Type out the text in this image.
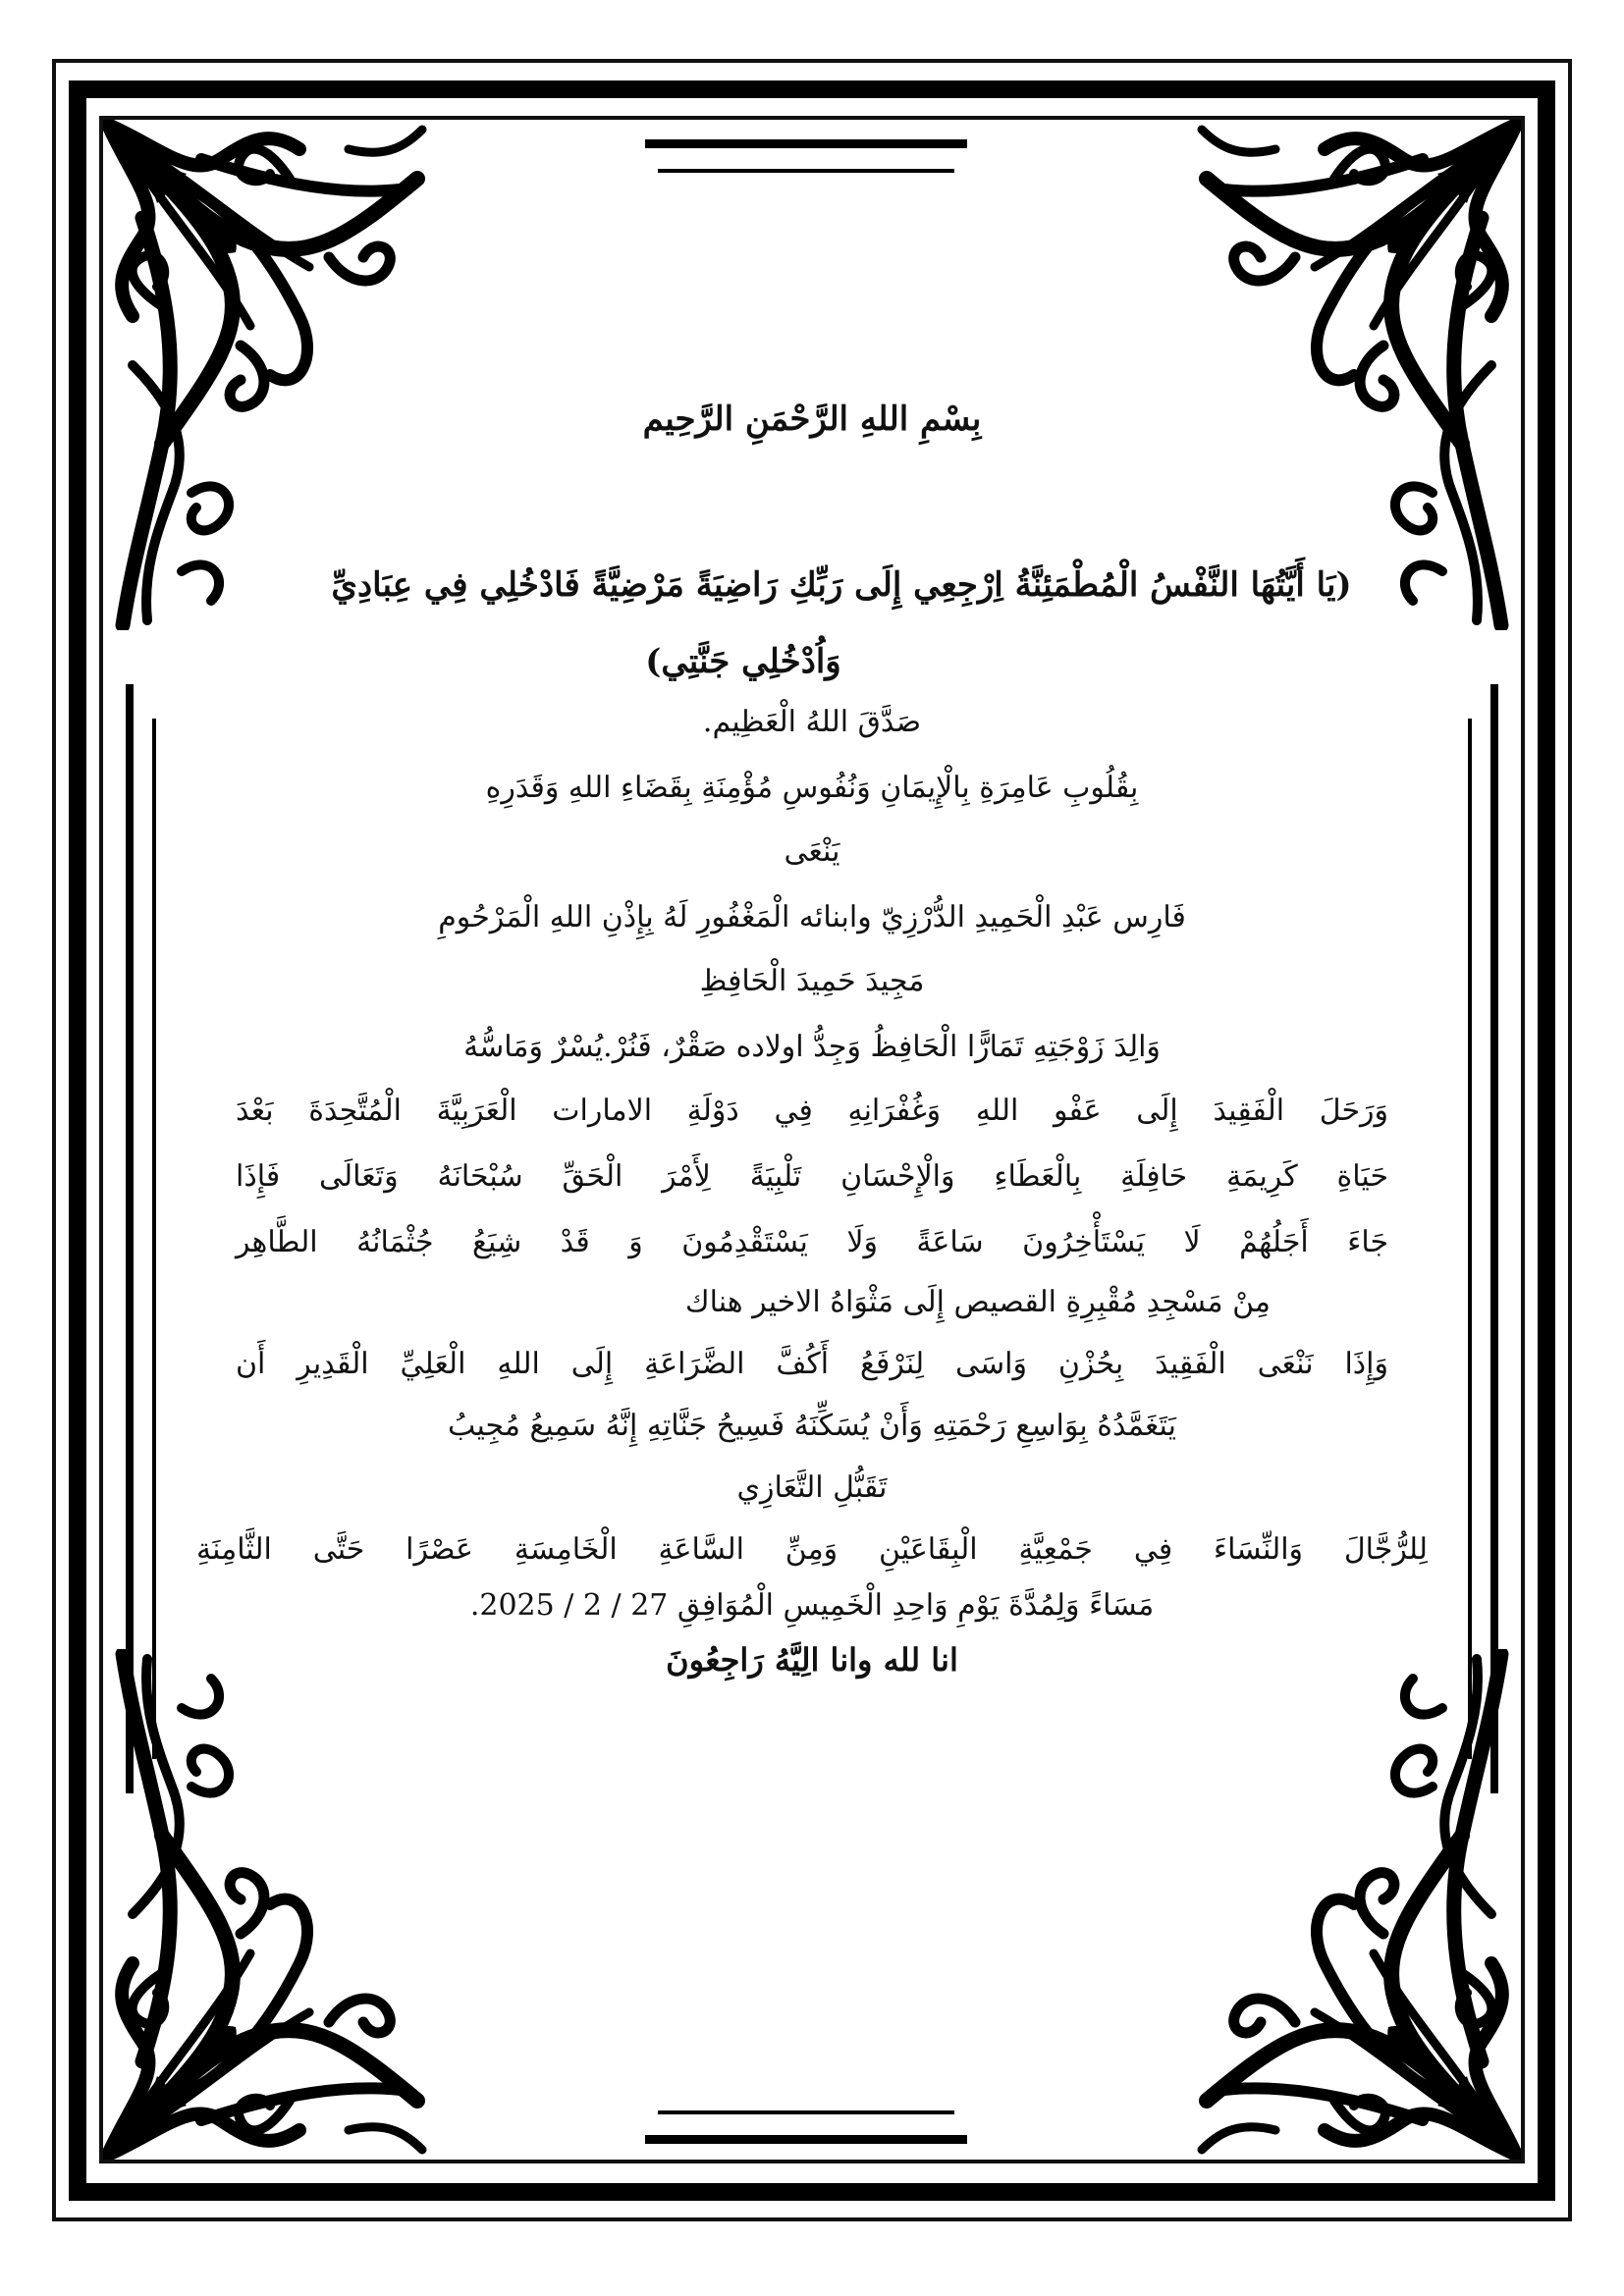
بِسْمِ اللهِ الرَّحْمَنِ الرَّحِيم
(يَا أَيَّتُهَا النَّفْسُ الْمُطْمَئِنَّةُ اِرْجِعِي إِلَى رَبِّكِ رَاضِيَةً مَرْضِيَّةً فَادْخُلِي فِي عِبَادِيِّ
وَاُدْخُلِي جَنَّتِي)
صَدَّقَ اللهُ الْعَظِيم.
بِقُلُوبِ عَامِرَةِ بِالْإِيمَانِ وَنُفُوسِ مُؤْمِنَةِ بِقَضَاءِ اللهِ وَقَدَرِهِ
يَنْعَى
فَارِس عَبْدِ الْحَمِيدِ الدُّرْزِيّ وابنائه الْمَغْفُورِ لَهُ بِإِذْنِ اللهِ الْمَرْحُومِ
مَجِيدَ حَمِيدَ الْحَافِظِ
وَالِدَ زَوْجَتِهِ تَمَارًّا الْحَافِظُ وَجِدُّ اولاده صَقْرٌ، فَنُرْ.يُسْرٌ وَمَاسُّهُ
وَرَحَلَ الْفَقِيدَ إِلَى عَفْو اللهِ وَغُفْرَانِهِ فِي دَوْلَةِ الامارات الْعَرَبِيَّةَ الْمُتَّحِدَةَ بَعْدَ
حَيَاةِ كَرِيمَةِ حَافِلَةِ بِالْعَطَاءِ وَالْإِحْسَانِ تَلْبِيَةً لِأَمْرَ الْحَقِّ سُبْحَانَهُ وَتَعَالَى فَإِذَا
جَاءَ أَجَلُهُمْ لَا يَسْتَأْخِرُونَ سَاعَةً وَلَا يَسْتَقْدِمُونَ وَ قَدْ شِيَعُ جُثْمَانُهُ الطَّاهِر
مِنْ مَسْجِدِ مُقْبِرِةِ القصيص إِلَى مَثْوَاهُ الاخير هناك
وَإِذَا نَنْعَى الْفَقِيدَ بِحُزْنِ وَاسَى لِنَرْفَعُ أَكُفَّ الضَّرَاعَةِ إِلَى اللهِ الْعَلِيِّ الْقَدِيرِ أَن
يَتَغَمَّدُهُ بِوَاسِعِ رَحْمَتِهِ وَأَنْ يُسَكِّنَهُ فَسِيحُ جَنَّاتِهِ إِنَّهُ سَمِيعُ مُجِيبُ
تَقَبُّلِ التَّعَازِي
لِلرُّجَّالَ وَالنِّسَاءَ فِي جَمْعِيَّةِ الْبِقَاعَيْنِ وَمِنِّ السَّاعَةِ الْخَامِسَةِ عَصْرًا حَتَّى الثَّامِنَةِ
مَسَاءً وَلِمُدَّةَ يَوْمِ وَاحِدِ الْخَمِيسِ الْمُوَافِقِ 27 / 2 / 2025.
انا لله وانا الِيَّهُ رَاجِعُونَ
